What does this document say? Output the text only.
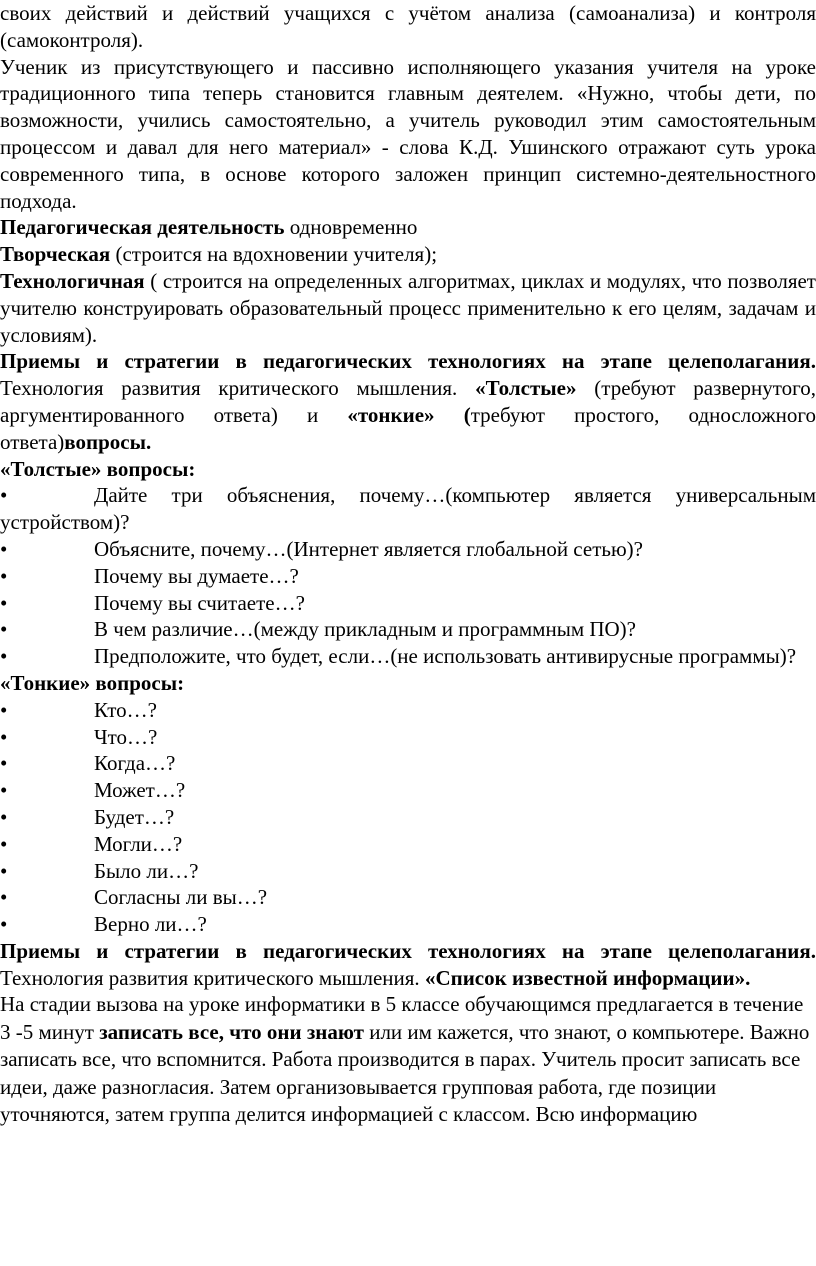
своих действий и действий учащихся с учётом анализа (самоанализа) и контроля (самоконтроля).

Ученик из присутствующего и пассивно исполняющего указания учителя на уроке традиционного типа теперь становится главным деятелем. «Нужно, чтобы дети, по возможности, учились самостоятельно, а учитель руководил этим самостоятельным процессом и давал для него материал» - слова К.Д. Ушинского отражают суть урока современного типа, в основе которого заложен принцип системно-деятельностного подхода.

Педагогическая деятельность одновременно

Творческая (строится на вдохновении учителя);

Технологичная ( строится на определенных алгоритмах, циклах и модулях, что позволяет учителю конструировать образовательный процесс применительно к его целям, задачам и условиям).

Приемы и стратегии в педагогических технологиях на этапе целеполагания. Технология развития критического мышления. «Толстые» (требуют развернутого, аргументированного ответа) и «тонкие» (требуют простого, односложного ответа)вопросы.

«Толстые» вопросы:

•	Дайте три объяснения, почему…(компьютер является универсальным устройством)?

•	Объясните, почему…(Интернет является глобальной сетью)?
•	Почему вы думаете…?
•	Почему вы считаете…?
•	В чем различие…(между прикладным и программным ПО)?

•	Предположите, что будет, если…(не использовать антивирусные программы)?

«Тонкие» вопросы:

•	Кто…?
•	Что…?
•	Когда…?
•	Может…?
•	Будет…?
•	Могли…?
•	Было ли…?
•	Согласны ли вы…?
•	Верно ли…?

Приемы и стратегии в педагогических технологиях на этапе целеполагания. Технология развития критического мышления. «Список известной информации».

На стадии вызова на уроке информатики в 5 классе обучающимся предлагается в течение 3 -5 минут записать все, что они знают или им кажется, что знают, о компьютере. Важно записать все, что вспомнится. Работа производится в парах. Учитель просит записать все идеи, даже разногласия. Затем организовывается групповая работа, где позиции уточняются, затем группа делится информацией с классом. Всю информацию
